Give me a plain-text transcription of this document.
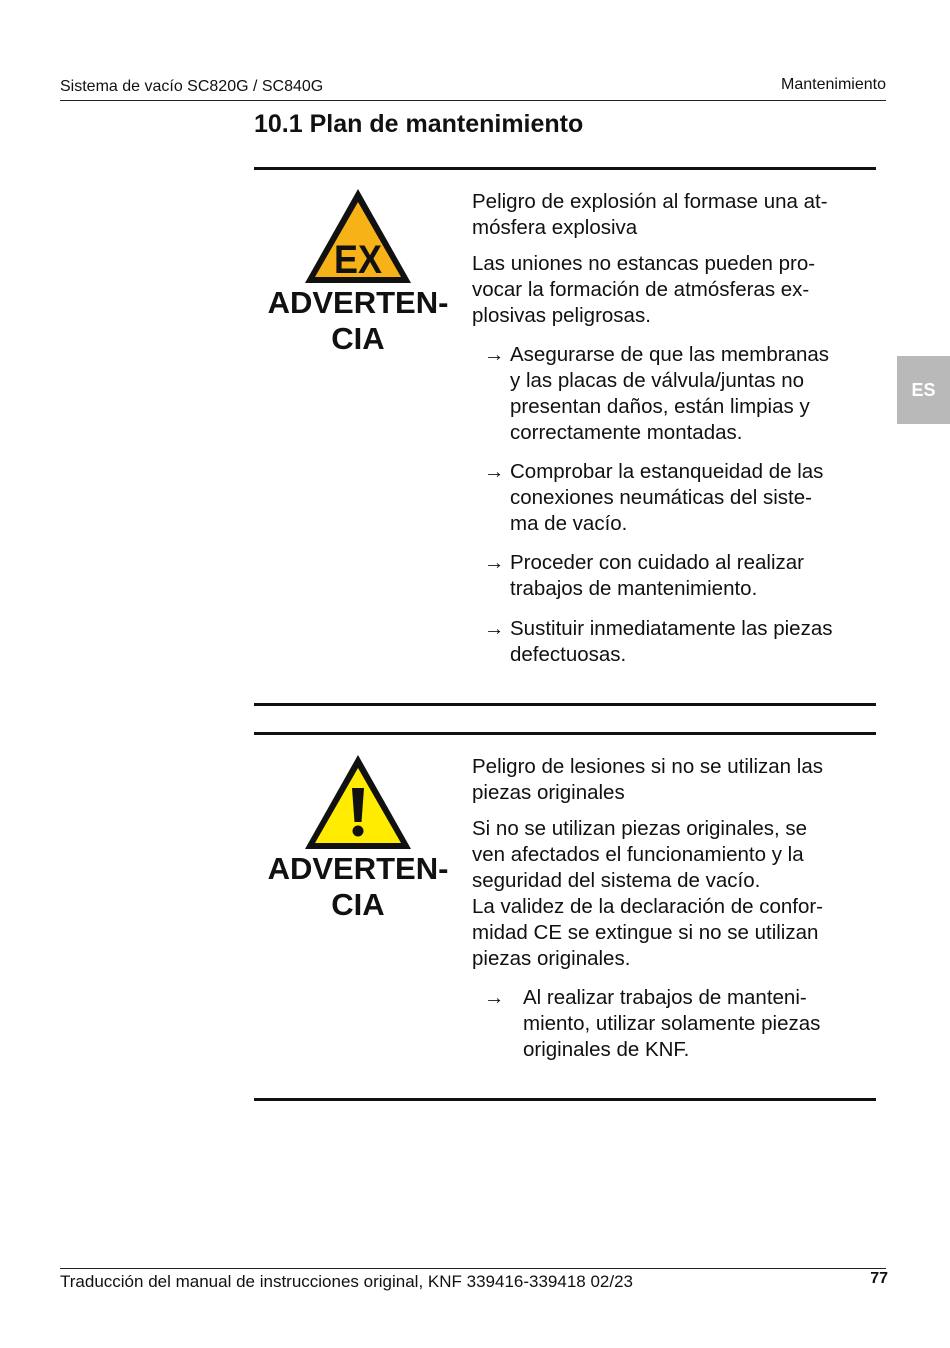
Sistema de vacío SC820G / SC840G	Mantenimiento
10.1 Plan de mantenimiento
ES
EX
ADVERTEN-
CIA

Peligro de explosión al formase una at-

mósfera explosiva

Las uniones no estancas pueden pro-

vocar la formación de atmósferas ex-

plosivas peligrosas.

→ Asegurarse de que las membranas
y las placas de válvula/juntas no
presentan daños, están limpias y
correctamente montadas.
→ Comprobar la estanqueidad de las
conexiones neumáticas del siste-
ma de vacío.
→ Proceder con cuidado al realizar
trabajos de mantenimiento.
→ Sustituir inmediatamente las piezas
defectuosas.
ADVERTEN-
CIA

Peligro de lesiones si no se utilizan las

piezas originales

Si no se utilizan piezas originales, se

ven afectados el funcionamiento y la

seguridad del sistema de vacío.

La validez de la declaración de confor-

midad CE se extingue si no se utilizan

piezas originales.

→ Al realizar trabajos de manteni-
miento, utilizar solamente piezas
originales de KNF.
Traducción del manual de instrucciones original, KNF 339416-339418 02/23	77
